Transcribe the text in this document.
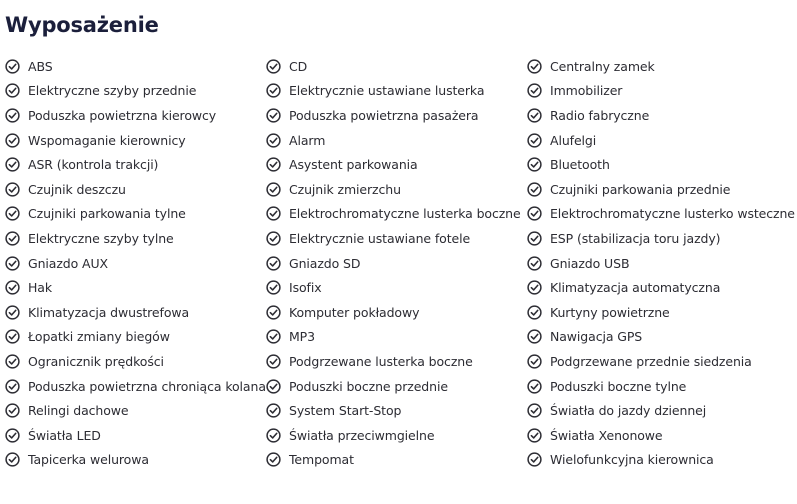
Wyposażenie
ABS
Elektryczne szyby przednie
Poduszka powietrzna kierowcy
Wspomaganie kierownicy
ASR (kontrola trakcji)
Czujnik deszczu
Czujniki parkowania tylne
Elektryczne szyby tylne
Gniazdo AUX
Hak
Klimatyzacja dwustrefowa
Łopatki zmiany biegów
Ogranicznik prędkości
Poduszka powietrzna chroniąca kolana
Relingi dachowe
Światła LED
Tapicerka welurowa
CD
Elektrycznie ustawiane lusterka
Poduszka powietrzna pasażera
Alarm
Asystent parkowania
Czujnik zmierzchu
Elektrochromatyczne lusterka boczne
Elektrycznie ustawiane fotele
Gniazdo SD
Isofix
Komputer pokładowy
MP3
Podgrzewane lusterka boczne
Poduszki boczne przednie
System Start-Stop
Światła przeciwmgielne
Tempomat
Centralny zamek
Immobilizer
Radio fabryczne
Alufelgi
Bluetooth
Czujniki parkowania przednie
Elektrochromatyczne lusterko wsteczne
ESP (stabilizacja toru jazdy)
Gniazdo USB
Klimatyzacja automatyczna
Kurtyny powietrzne
Nawigacja GPS
Podgrzewane przednie siedzenia
Poduszki boczne tylne
Światła do jazdy dziennej
Światła Xenonowe
Wielofunkcyjna kierownica
